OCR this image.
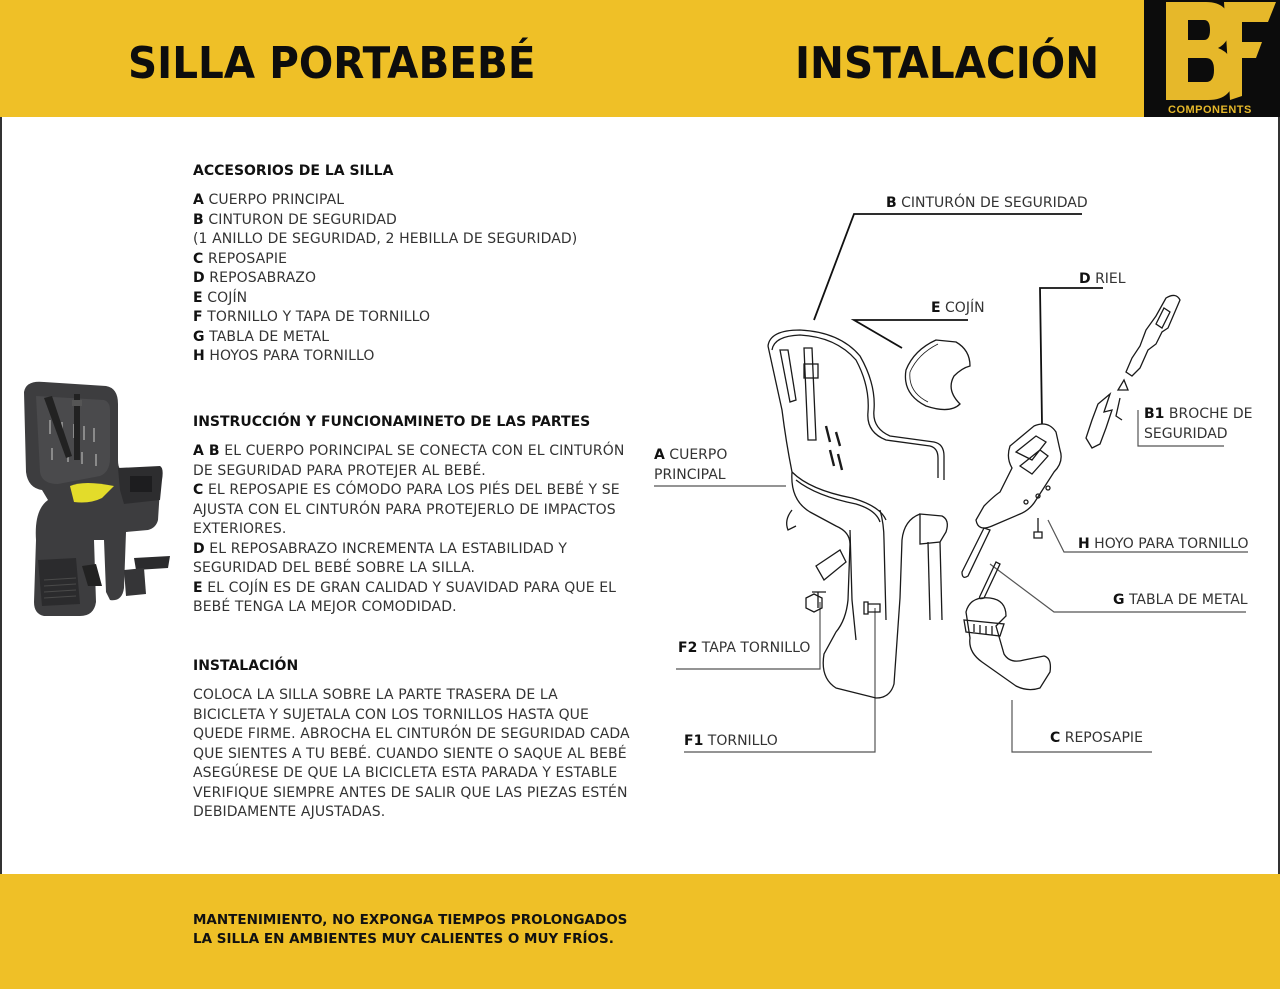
SILLA PORTABEBÉ	INSTALACIÓN
COMPONENTS
ACCESORIOS DE LA SILLA
A CUERPO PRINCIPAL
B CINTURON DE SEGURIDAD
(1 ANILLO DE SEGURIDAD, 2 HEBILLA DE SEGURIDAD)
C REPOSAPIE
D REPOSABRAZO
E COJÍN
F TORNILLO Y TAPA DE TORNILLO
G TABLA DE METAL
H HOYOS PARA TORNILLO
INSTRUCCIÓN Y FUNCIONAMINETO DE LAS PARTES
A B EL CUERPO PORINCIPAL SE CONECTA CON EL CINTURÓN
DE SEGURIDAD PARA PROTEJER AL BEBÉ.
C EL REPOSAPIE ES CÓMODO PARA LOS PIÉS DEL BEBÉ Y SE
AJUSTA CON EL CINTURÓN PARA PROTEJERLO DE IMPACTOS
EXTERIORES.
D EL REPOSABRAZO INCREMENTA LA ESTABILIDAD Y
SEGURIDAD DEL BEBÉ SOBRE LA SILLA.
E EL COJÍN ES DE GRAN CALIDAD Y SUAVIDAD PARA QUE EL
BEBÉ TENGA LA MEJOR COMODIDAD.
INSTALACIÓN
COLOCA LA SILLA SOBRE LA PARTE TRASERA DE LA
BICICLETA Y SUJETALA CON LOS TORNILLOS HASTA QUE
QUEDE FIRME. ABROCHA EL CINTURÓN DE SEGURIDAD CADA
QUE SIENTES A TU BEBÉ. CUANDO SIENTE O SAQUE AL BEBÉ
ASEGÚRESE DE QUE LA BICICLETA ESTA PARADA Y ESTABLE
VERIFIQUE SIEMPRE ANTES DE SALIR QUE LAS PIEZAS ESTÉN
DEBIDAMENTE AJUSTADAS.
B CINTURÓN DE SEGURIDAD
D RIEL
E COJÍN
B1 BROCHE DE
SEGURIDAD
A CUERPO
PRINCIPAL
H HOYO PARA TORNILLO
G TABLA DE METAL
F2 TAPA TORNILLO
F1 TORNILLO	C REPOSAPIE
MANTENIMIENTO, NO EXPONGA TIEMPOS PROLONGADOS
LA SILLA EN AMBIENTES MUY CALIENTES O MUY FRÍOS.
